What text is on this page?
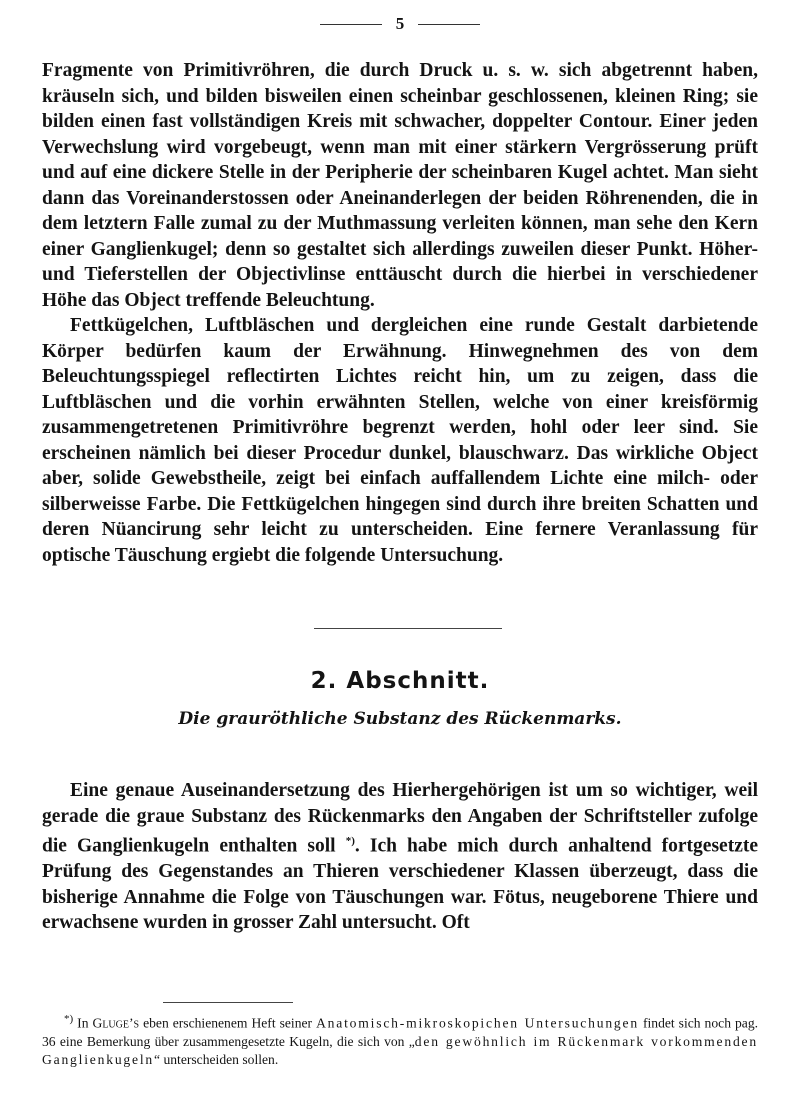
5

Fragmente von Primitivröhren, die durch Druck u. s. w. sich abgetrennt haben, kräuseln sich, und bilden bisweilen einen scheinbar geschlossenen, kleinen Ring; sie bilden einen fast vollständigen Kreis mit schwacher, doppelter Contour. Einer jeden Verwechslung wird vorgebeugt, wenn man mit einer stärkern Vergrösserung prüft und auf eine dickere Stelle in der Peripherie der scheinbaren Kugel achtet. Man sieht dann das Voreinanderstossen oder Aneinanderlegen der beiden Röhrenenden, die in dem letztern Falle zumal zu der Muthmassung verleiten können, man sehe den Kern einer Ganglienkugel; denn so gestaltet sich allerdings zuweilen dieser Punkt. Höher- und Tieferstellen der Objectivlinse enttäuscht durch die hierbei in verschiedener Höhe das Object treffende Beleuchtung.

Fettkügelchen, Luftbläschen und dergleichen eine runde Gestalt darbietende Körper bedürfen kaum der Erwähnung. Hinwegnehmen des von dem Beleuchtungsspiegel reflectirten Lichtes reicht hin, um zu zeigen, dass die Luftbläschen und die vorhin erwähnten Stellen, welche von einer kreisförmig zusammengetretenen Primitivröhre begrenzt werden, hohl oder leer sind. Sie erscheinen nämlich bei dieser Procedur dunkel, blauschwarz. Das wirkliche Object aber, solide Gewebstheile, zeigt bei einfach auffallendem Lichte eine milch- oder silberweisse Farbe. Die Fettkügelchen hingegen sind durch ihre breiten Schatten und deren Nüancirung sehr leicht zu unterscheiden. Eine fernere Veranlassung für optische Täuschung ergiebt die folgende Untersuchung.

2. Abschnitt.
Die grauröthliche Substanz des Rückenmarks.

Eine genaue Auseinandersetzung des Hierhergehörigen ist um so wichtiger, weil gerade die graue Substanz des Rückenmarks den Angaben der Schriftsteller zufolge die Ganglienkugeln enthalten soll *). Ich habe mich durch anhaltend fortgesetzte Prüfung des Gegenstandes an Thieren verschiedener Klassen überzeugt, dass die bisherige Annahme die Folge von Täuschungen war. Fötus, neugeborene Thiere und erwachsene wurden in grosser Zahl untersucht. Oft

*) In Gluge’s eben erschienenem Heft seiner Anatomisch-mikroskopichen Untersuchungen findet sich noch pag. 36 eine Bemerkung über zusammengesetzte Kugeln, die sich von „den gewöhnlich im Rückenmark vorkommenden Ganglienkugeln“ unterscheiden sollen.
